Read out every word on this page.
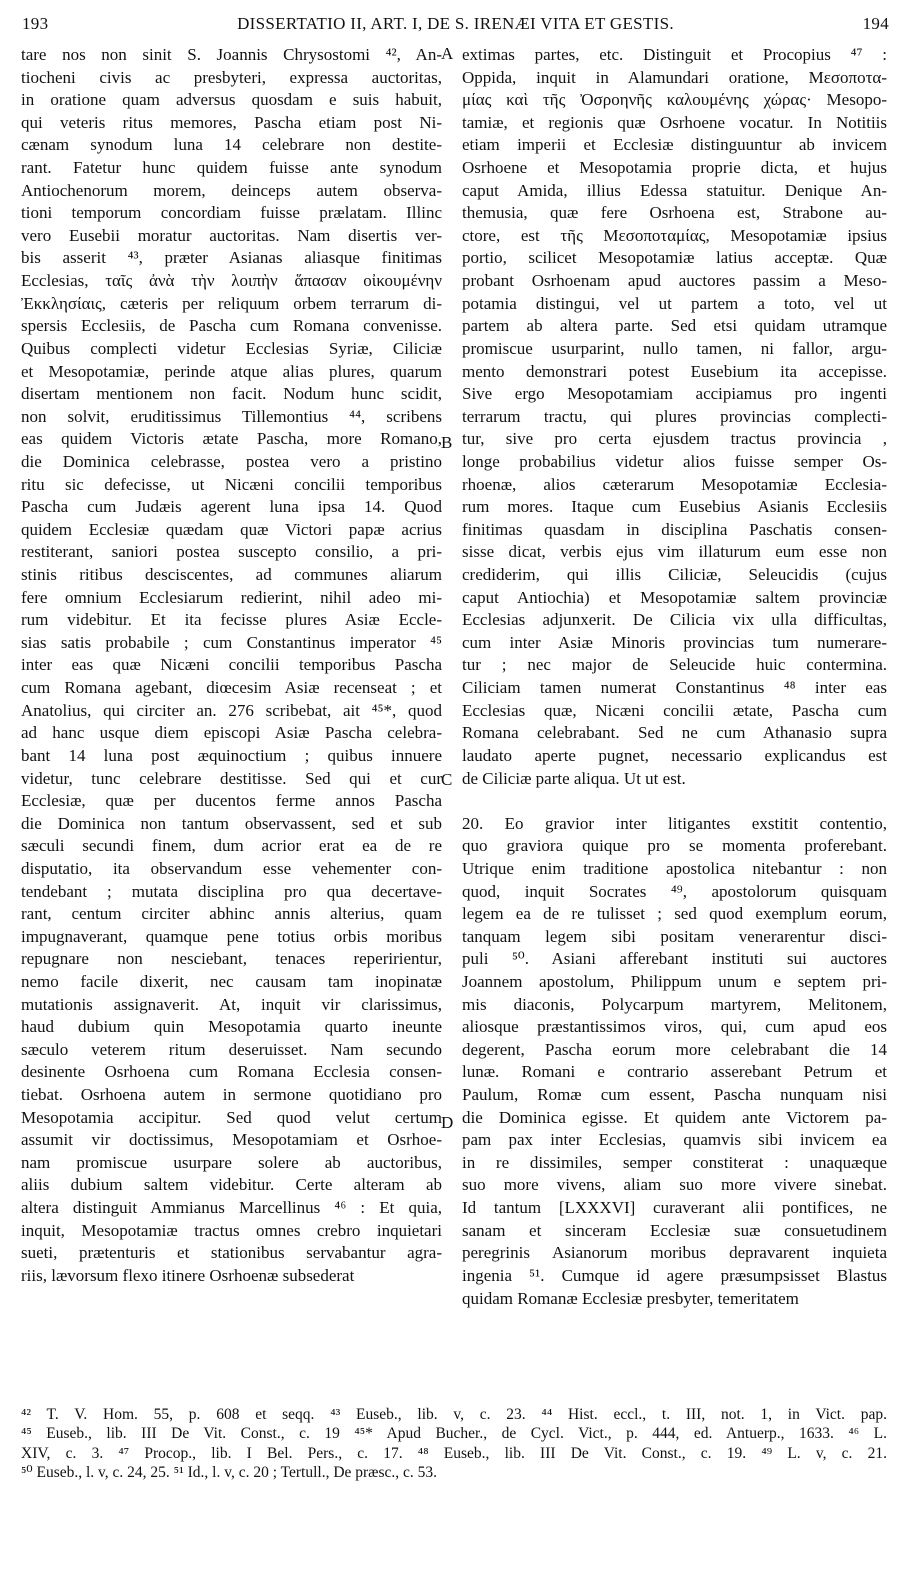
193	DISSERTATIO II, ART. I, DE S. IRENÆI VITA ET GESTIS.	194
tare nos non sinit S. Joannis Chrysostomi ⁴², An-
tiocheni civis ac presbyteri, expressa auctoritas,
in oratione quam adversus quosdam e suis habuit,
qui veteris ritus memores, Pascha etiam post Ni-
cænam synodum luna 14 celebrare non destite-
rant. Fatetur hunc quidem fuisse ante synodum
Antiochenorum morem, deinceps autem observa-
tioni temporum concordiam fuisse prælatam. Illinc
vero Eusebii moratur auctoritas. Nam disertis ver-
bis asserit ⁴³, præter Asianas aliasque finitimas
Ecclesias, ταῖς ἀνὰ τὴν λοιπὴν ἅπασαν οἰκουμένην
Ἐκκλησίαις, cæteris per reliquum orbem terrarum di-
spersis Ecclesiis, de Pascha cum Romana convenisse.
Quibus complecti videtur Ecclesias Syriæ, Ciliciæ
et Mesopotamiæ, perinde atque alias plures, quarum
disertam mentionem non facit. Nodum hunc scidit,
non solvit, eruditissimus Tillemontius ⁴⁴, scribens
eas quidem Victoris ætate Pascha, more Romano,
die Dominica celebrasse, postea vero a pristino
ritu sic defecisse, ut Nicæni concilii temporibus
Pascha cum Judæis agerent luna ipsa 14. Quod
quidem Ecclesiæ quædam quæ Victori papæ acrius
restiterant, saniori postea suscepto consilio, a pri-
stinis ritibus desciscentes, ad communes aliarum
fere omnium Ecclesiarum redierint, nihil adeo mi-
rum videbitur. Et ita fecisse plures Asiæ Eccle-
sias satis probabile ; cum Constantinus imperator ⁴⁵
inter eas quæ Nicæni concilii temporibus Pascha
cum Romana agebant, diœcesim Asiæ recenseat ; et
Anatolius, qui circiter an. 276 scribebat, ait ⁴⁵*, quod
ad hanc usque diem episcopi Asiæ Pascha celebra-
bant 14 luna post æquinoctium ; quibus innuere
videtur, tunc celebrare destitisse. Sed qui et cur
Ecclesiæ, quæ per ducentos ferme annos Pascha
die Dominica non tantum observassent, sed et sub
sæculi secundi finem, dum acrior erat ea de re
disputatio, ita observandum esse vehementer con-
tendebant ; mutata disciplina pro qua decertave-
rant, centum circiter abhinc annis alterius, quam
impugnaverant, quamque pene totius orbis moribus
repugnare non nesciebant, tenaces reperirientur,
nemo facile dixerit, nec causam tam inopinatæ
mutationis assignaverit. At, inquit vir clarissimus,
haud dubium quin Mesopotamia quarto ineunte
sæculo veterem ritum deseruisset. Nam secundo
desinente Osrhoena cum Romana Ecclesia consen-
tiebat. Osrhoena autem in sermone quotidiano pro
Mesopotamia accipitur. Sed quod velut certum
assumit vir doctissimus, Mesopotamiam et Osrhoe-
nam promiscue usurpare solere ab auctoribus,
aliis dubium saltem videbitur. Certe alteram ab
altera distinguit Ammianus Marcellinus ⁴⁶ : Et quia,
inquit, Mesopotamiæ tractus omnes crebro inquietari
sueti, prætenturis et stationibus servabantur agra-
riis, lævorsum flexo itinere Osrhoenæ subsederat
extimas partes, etc. Distinguit et Procopius ⁴⁷ :
Oppida, inquit in Alamundari oratione, Μεσοποτα-
μίας καὶ τῆς Ὀσροηνῆς καλουμένης χώρας· Mesopo-
tamiæ, et regionis quæ Osrhoene vocatur. In Notitiis
etiam imperii et Ecclesiæ distinguuntur ab invicem
Osrhoene et Mesopotamia proprie dicta, et hujus
caput Amida, illius Edessa statuitur. Denique An-
themusia, quæ fere Osrhoena est, Strabone au-
ctore, est τῆς Μεσοποταμίας, Mesopotamiæ ipsius
portio, scilicet Mesopotamiæ latius acceptæ. Quæ
probant Osrhoenam apud auctores passim a Meso-
potamia distingui, vel ut partem a toto, vel ut
partem ab altera parte. Sed etsi quidam utramque
promiscue usurparint, nullo tamen, ni fallor, argu-
mento demonstrari potest Eusebium ita accepisse.
Sive ergo Mesopotamiam accipiamus pro ingenti
terrarum tractu, qui plures provincias complecti-
tur, sive pro certa ejusdem tractus provincia ,
longe probabilius videtur alios fuisse semper Os-
rhoenæ, alios cæterarum Mesopotamiæ Ecclesia-
rum mores. Itaque cum Eusebius Asianis Ecclesiis
finitimas quasdam in disciplina Paschatis consen-
sisse dicat, verbis ejus vim illaturum eum esse non
crediderim, qui illis Ciliciæ, Seleucidis (cujus
caput Antiochia) et Mesopotamiæ saltem provinciæ
Ecclesias adjunxerit. De Cilicia vix ulla difficultas,
cum inter Asiæ Minoris provincias tum numerare-
tur ; nec major de Seleucide huic contermina.
Ciliciam tamen numerat Constantinus ⁴⁸ inter eas
Ecclesias quæ, Nicæni concilii ætate, Pascha cum
Romana celebrabant. Sed ne cum Athanasio supra
laudato aperte pugnet, necessario explicandus est
de Ciliciæ parte aliqua. Ut ut est.
20. Eo gravior inter litigantes exstitit contentio,
quo graviora quique pro se momenta proferebant.
Utrique enim traditione apostolica nitebantur : non
quod, inquit Socrates ⁴⁹, apostolorum quisquam
legem ea de re tulisset ; sed quod exemplum eorum,
tanquam legem sibi positam venerarentur disci-
puli ⁵⁰. Asiani afferebant instituti sui auctores
Joannem apostolum, Philippum unum e septem pri-
mis diaconis, Polycarpum martyrem, Melitonem,
aliosque præstantissimos viros, qui, cum apud eos
degerent, Pascha eorum more celebrabant die 14
lunæ. Romani e contrario asserebant Petrum et
Paulum, Romæ cum essent, Pascha nunquam nisi
die Dominica egisse. Et quidem ante Victorem pa-
pam pax inter Ecclesias, quamvis sibi invicem ea
in re dissimiles, semper constiterat : unaquæque
suo more vivens, aliam suo more vivere sinebat.
Id tantum [LXXXVI] curaverant alii pontifices, ne
sanam et sinceram Ecclesiæ suæ consuetudinem
peregrinis Asianorum moribus depravarent inquieta
ingenia ⁵¹. Cumque id agere præsumpsisset Blastus
quidam Romanæ Ecclesiæ presbyter, temeritatem
A
B
C
D
⁴² T. V. Hom. 55, p. 608 et seqq. ⁴³ Euseb., lib. v, c. 23. ⁴⁴ Hist. eccl., t. III, not. 1, in Vict. pap.
⁴⁵ Euseb., lib. III De Vit. Const., c. 19 ⁴⁵* Apud Bucher., de Cycl. Vict., p. 444, ed. Antuerp., 1633. ⁴⁶ L.
XIV, c. 3. ⁴⁷ Procop., lib. I Bel. Pers., c. 17. ⁴⁸ Euseb., lib. III De Vit. Const., c. 19. ⁴⁹ L. v, c. 21.
⁵⁰ Euseb., l. v, c. 24, 25. ⁵¹ Id., l. v, c. 20 ; Tertull., De præsc., c. 53.
